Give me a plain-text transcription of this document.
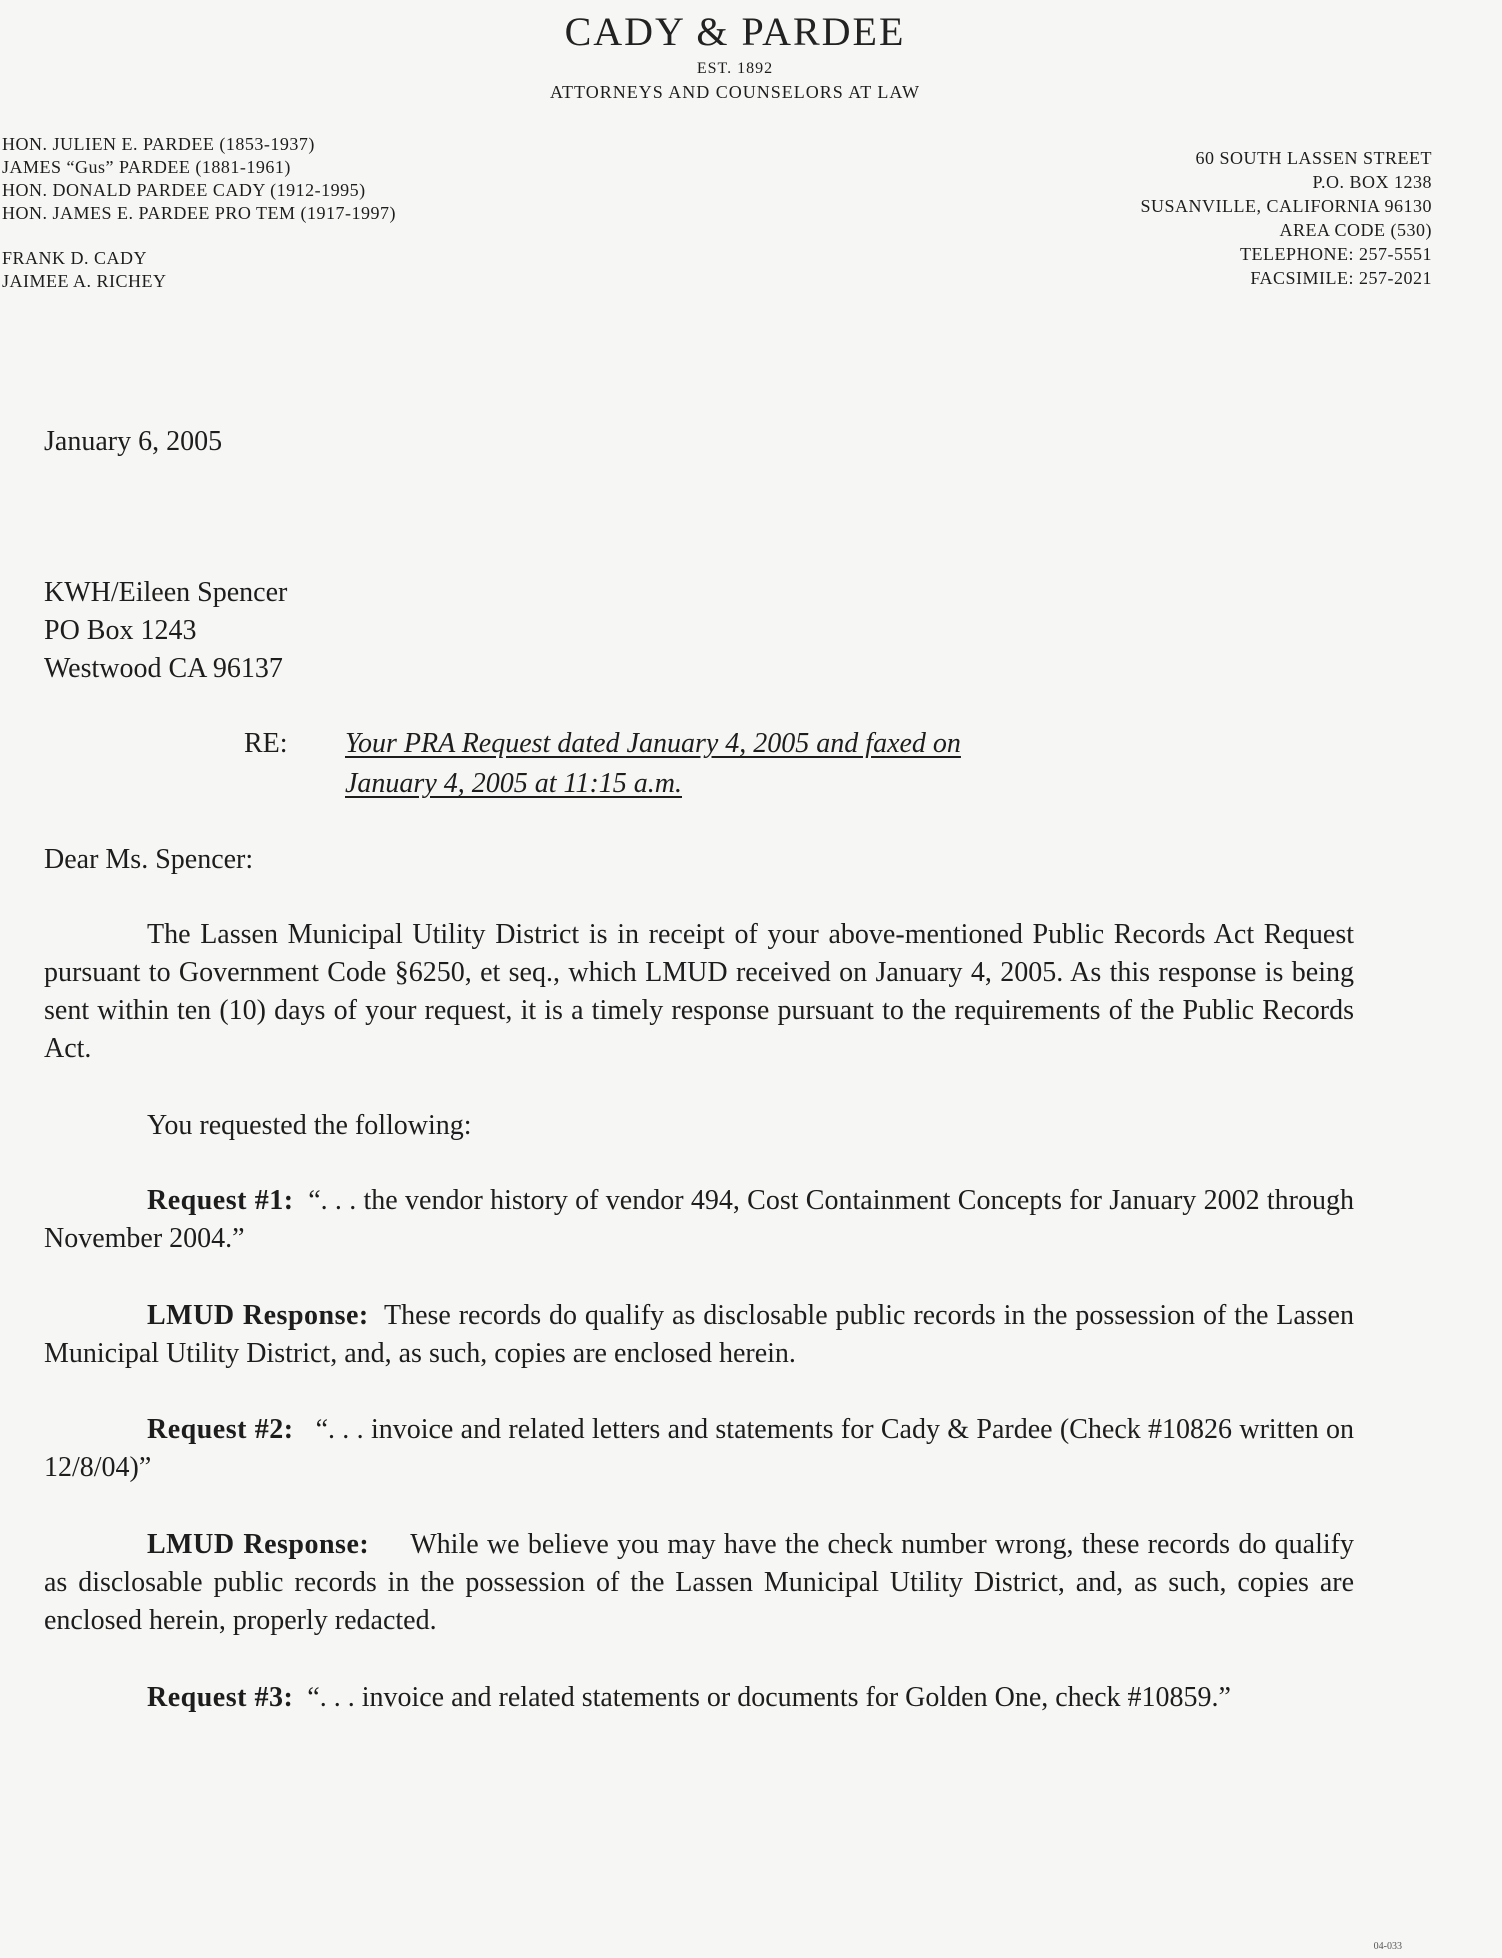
CADY & PARDEE
EST. 1892
ATTORNEYS AND COUNSELORS AT LAW
HON. JULIEN E. PARDEE (1853-1937)
JAMES “Gus” PARDEE (1881-1961)
HON. DONALD PARDEE CADY (1912-1995)
HON. JAMES E. PARDEE PRO TEM (1917-1997)
FRANK D. CADY
JAIMEE A. RICHEY
60 SOUTH LASSEN STREET
P.O. BOX 1238
SUSANVILLE, CALIFORNIA 96130
AREA CODE (530)
TELEPHONE: 257-5551
FACSIMILE: 257-2021
January 6, 2005
KWH/Eileen Spencer
PO Box 1243
Westwood CA 96137
RE: Your PRA Request dated January 4, 2005 and faxed on
January 4, 2005 at 11:15 a.m.
Dear Ms. Spencer:
The Lassen Municipal Utility District is in receipt of your above-mentioned Public Records Act Request pursuant to Government Code §6250, et seq., which LMUD received on January 4, 2005. As this response is being sent within ten (10) days of your request, it is a timely response pursuant to the requirements of the Public Records Act.
You requested the following:
Request #1: “. . . the vendor history of vendor 494, Cost Containment Concepts for January 2002 through November 2004.”
LMUD Response: These records do qualify as disclosable public records in the possession of the Lassen Municipal Utility District, and, as such, copies are enclosed herein.
Request #2: “. . . invoice and related letters and statements for Cady & Pardee (Check #10826 written on 12/8/04)”
LMUD Response: While we believe you may have the check number wrong, these records do qualify as disclosable public records in the possession of the Lassen Municipal Utility District, and, as such, copies are enclosed herein, properly redacted.
Request #3: “. . . invoice and related statements or documents for Golden One, check #10859.”
04-033
